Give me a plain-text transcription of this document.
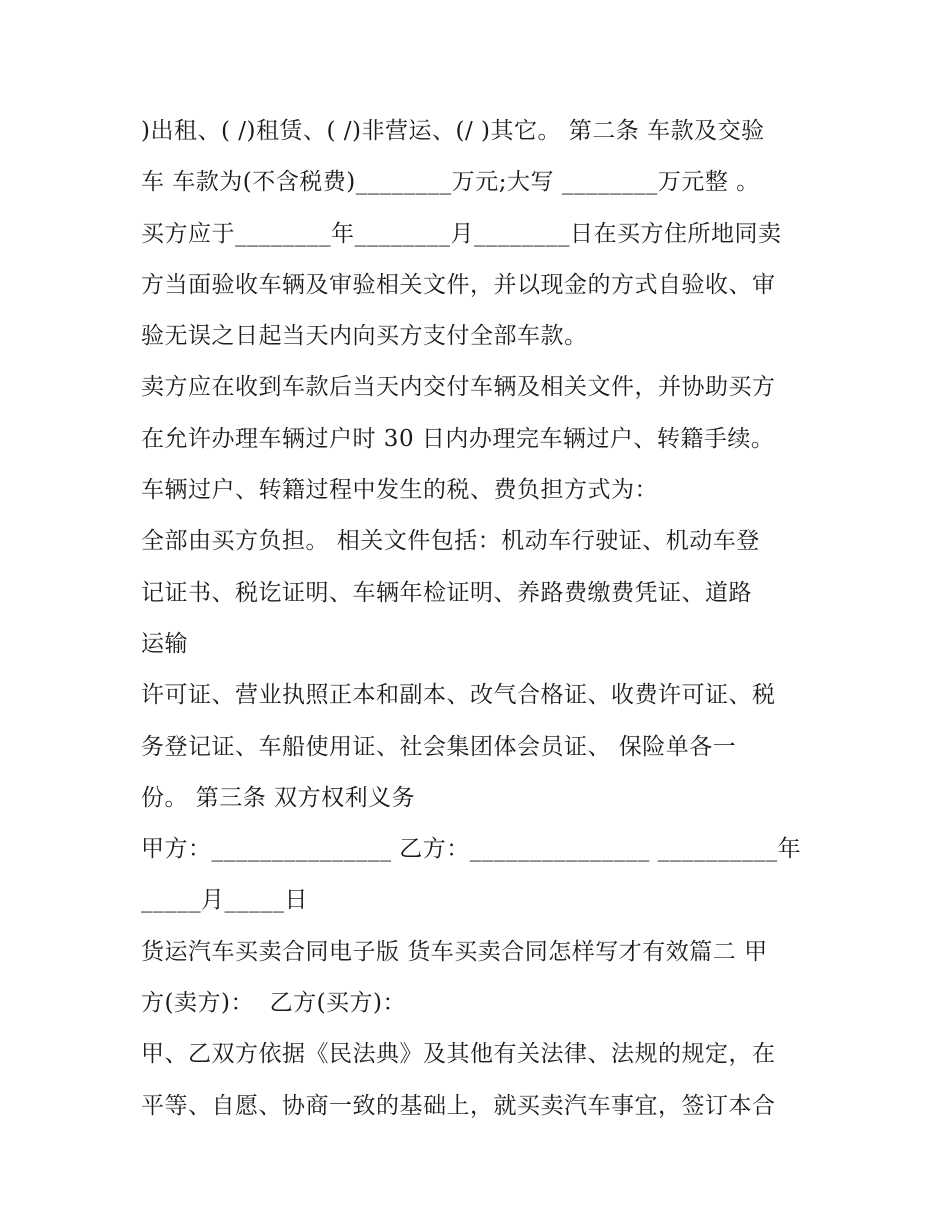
)出租、( /)租赁、( /)非营运、(/ )其它。 第二条 车款及交验
车 车款为(不含税费)________万元;大写 ________万元整 。
买方应于________年________月________日在买方住所地同卖
方当面验收车辆及审验相关文件，并以现金的方式自验收、审
验无误之日起当天内向买方支付全部车款。
卖方应在收到车款后当天内交付车辆及相关文件，并协助买方
在允许办理车辆过户时 30 日内办理完车辆过户、转籍手续。
车辆过户、转籍过程中发生的税、费负担方式为：
全部由买方负担。 相关文件包括：机动车行驶证、机动车登
记证书、税讫证明、车辆年检证明、养路费缴费凭证、道路
运输
许可证、营业执照正本和副本、改气合格证、收费许可证、税
务登记证、车船使用证、社会集团体会员证、 保险单各一
份。 第三条 双方权利义务
甲方：_______________ 乙方：_______________ __________年
_____月_____日
货运汽车买卖合同电子版 货车买卖合同怎样写才有效篇二 甲
方(卖方)：  乙方(买方)：
甲、乙双方依据《民法典》及其他有关法律、法规的规定，在
平等、自愿、协商一致的基础上，就买卖汽车事宜，签订本合
